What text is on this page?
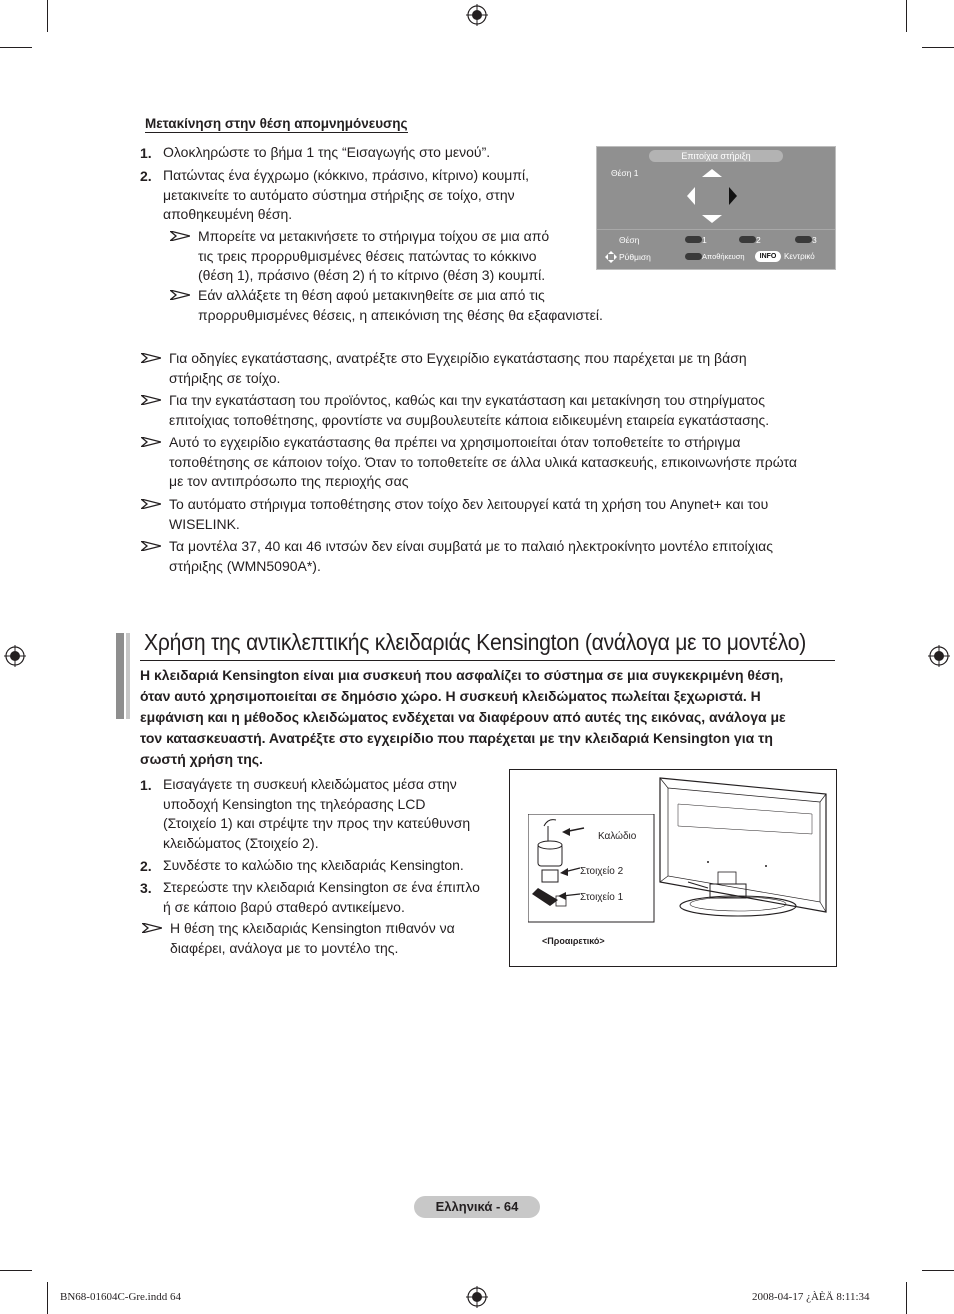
Μετακίνηση στην θέση απομνημόνευσης
1. Ολοκληρώστε το βήμα 1 της “Εισαγωγής στο μενού”.
2. Πατώντας ένα έγχρωμο (κόκκινο, πράσινο, κίτρινο) κουμπί,
μετακινείτε το αυτόματο σύστημα στήριξης σε τοίχο, στην
αποθηκευμένη θέση.
Μπορείτε να μετακινήσετε το στήριγμα τοίχου σε μια από
τις τρεις προρρυθμισμένες θέσεις πατώντας το κόκκινο
(θέση 1), πράσινο (θέση 2) ή το κίτρινο (θέση 3) κουμπί.
Εάν αλλάξετε τη θέση αφού μετακινηθείτε σε μια από τις
προρρυθμισμένες θέσεις, η απεικόνιση της θέσης θα εξαφανιστεί.
Επιτοίχια στήριξη
Θέση 1
Θέση	1	2	3
Ρύθμιση	Αποθήκευση	INFO Κεντρικό
Για οδηγίες εγκατάστασης, ανατρέξτε στο Εγχειρίδιο εγκατάστασης που παρέχεται με τη βάση
στήριξης σε τοίχο.
Για την εγκατάσταση του προϊόντος, καθώς και την εγκατάσταση και μετακίνηση του στηρίγματος
επιτοίχιας τοποθέτησης, φροντίστε να συμβουλευτείτε κάποια ειδικευμένη εταιρεία εγκατάστασης.
Αυτό το εγχειρίδιο εγκατάστασης θα πρέπει να χρησιμοποιείται όταν τοποθετείτε το στήριγμα
τοποθέτησης σε κάποιον τοίχο. Όταν το τοποθετείτε σε άλλα υλικά κατασκευής, επικοινωνήστε πρώτα
με τον αντιπρόσωπο της περιοχής σας
Το αυτόματο στήριγμα τοποθέτησης στον τοίχο δεν λειτουργεί κατά τη χρήση του Anynet+ και του
WISELINK.
Τα μοντέλα 37, 40 και 46 ιντσών δεν είναι συμβατά με το παλαιό ηλεκτροκίνητο μοντέλο επιτοίχιας
στήριξης (WMN5090A*).
Χρήση της αντικλεπτικής κλειδαριάς Kensington (ανάλογα με το μοντέλο)
Η κλειδαριά Kensington είναι μια συσκευή που ασφαλίζει το σύστημα σε μια συγκεκριμένη θέση,
όταν αυτό χρησιμοποιείται σε δημόσιο χώρο. Η συσκευή κλειδώματος πωλείται ξεχωριστά. Η
εμφάνιση και η μέθοδος κλειδώματος ενδέχεται να διαφέρουν από αυτές της εικόνας, ανάλογα με
τον κατασκευαστή. Ανατρέξτε στο εγχειρίδιο που παρέχεται με την κλειδαριά Kensington για τη
σωστή χρήση της.
1. Εισαγάγετε τη συσκευή κλειδώματος μέσα στην
υποδοχή Kensington της τηλεόρασης LCD
(Στοιχείο 1) και στρέψτε την προς την κατεύθυνση
κλειδώματος (Στοιχείο 2).
2. Συνδέστε το καλώδιο της κλειδαριάς Kensington.
3. Στερεώστε την κλειδαριά Kensington σε ένα έπιπλο
ή σε κάποιο βαρύ σταθερό αντικείμενο.
Η θέση της κλειδαριάς Kensington πιθανόν να
διαφέρει, ανάλογα με το μοντέλο της.
Καλώδιο
Στοιχείο 2
Στοιχείο 1
<Προαιρετικό>
Ελληνικά - 64
BN68-01604C-Gre.indd 64	2008-04-17 ¿ÀÈÄ 8:11:34
